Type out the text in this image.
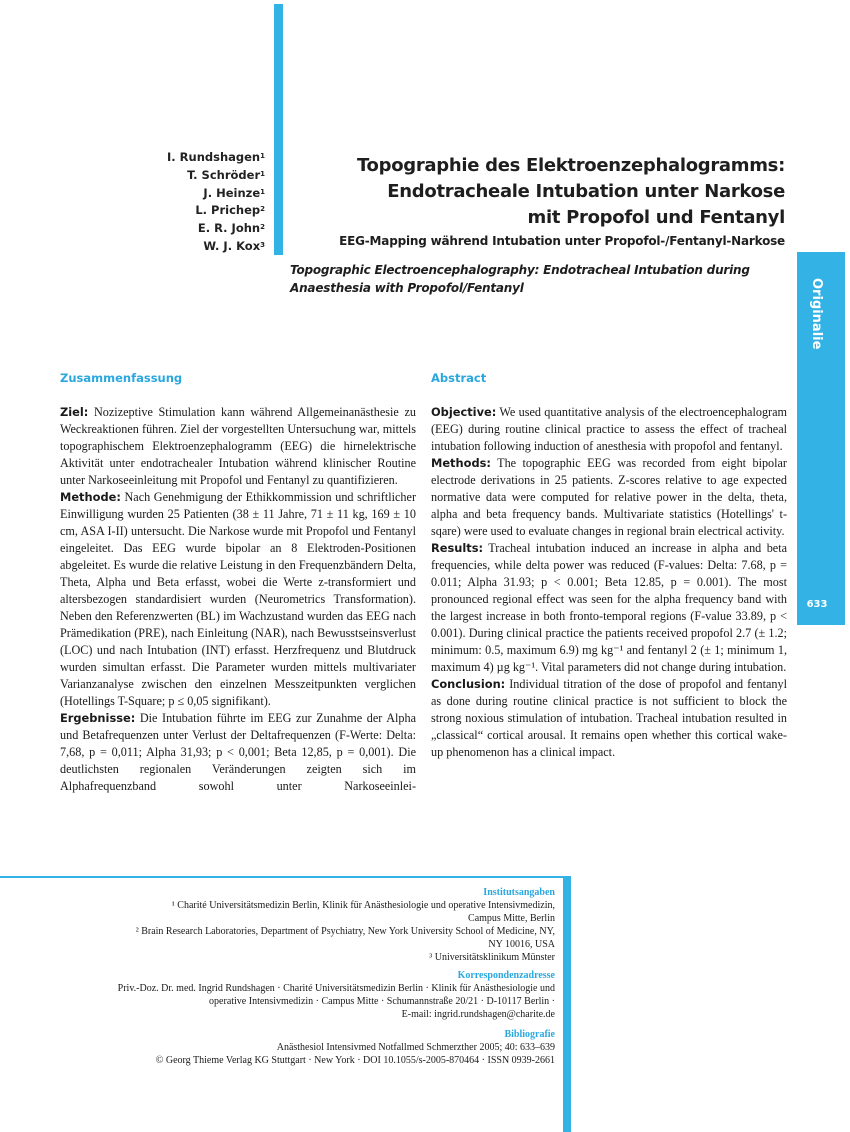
I. Rundshagen$^1$
T. Schröder$^1$
J. Heinze$^1$
L. Prichep$^2$
E. R. John$^2$
W. J. Kox$^3$
Topographie des Elektroenzephalogramms:
Endotracheale Intubation unter Narkose
mit Propofol und Fentanyl
EEG-Mapping während Intubation unter Propofol-/Fentanyl-Narkose
Topographic Electroencephalography: Endotracheal Intubation during Anaesthesia with Propofol/Fentanyl	Originalie
633
Zusammenfassung

Ziel: Nozizeptive Stimulation kann während Allgemeinanästhesie zu Weckreaktionen führen. Ziel der vorgestellten Untersuchung war, mittels topographischem Elektroenzephalogramm (EEG) die hirnelektrische Aktivität unter endotrachealer Intubation während klinischer Routine unter Narkoseeinleitung mit Propofol und Fentanyl zu quantifizieren.

Methode: Nach Genehmigung der Ethikkommission und schriftlicher Einwilligung wurden 25 Patienten (38 ± 11 Jahre, 71 ± 11 kg, 169 ± 10 cm, ASA I-II) untersucht. Die Narkose wurde mit Propofol und Fentanyl eingeleitet. Das EEG wurde bipolar an 8 Elektroden-Positionen abgeleitet. Es wurde die relative Leistung in den Frequenzbändern Delta, Theta, Alpha und Beta erfasst, wobei die Werte z-transformiert und altersbezogen standardisiert wurden (Neurometrics Transformation). Neben den Referenzwerten (BL) im Wachzustand wurden das EEG nach Prämedikation (PRE), nach Einleitung (NAR), nach Bewusstseinsverlust (LOC) und nach Intubation (INT) erfasst. Herzfrequenz und Blutdruck wurden simultan erfasst. Die Parameter wurden mittels multivariater Varianzanalyse zwischen den einzelnen Messzeitpunkten verglichen (Hotellings T-Square; p ≤ 0,05 signifikant).

Ergebnisse: Die Intubation führte im EEG zur Zunahme der Alpha und Betafrequenzen unter Verlust der Deltafrequenzen (F-Werte: Delta: 7,68, p = 0,011; Alpha 31,93; p < 0,001; Beta 12,85, p = 0,001). Die deutlichsten regionalen Veränderungen zeigten sich im Alphafrequenzband sowohl unter Narkoseeinlei-

Abstract

Objective: We used quantitative analysis of the electroencephalogram (EEG) during routine clinical practice to assess the effect of tracheal intubation following induction of anesthesia with propofol and fentanyl.

Methods: The topographic EEG was recorded from eight bipolar electrode derivations in 25 patients. Z-scores relative to age expected normative data were computed for relative power in the delta, theta, alpha and beta frequency bands. Multivariate statistics (Hotellings' t-sqare) were used to evaluate changes in regional brain electrical activity.

Results: Tracheal intubation induced an increase in alpha and beta frequencies, while delta power was reduced (F-values: Delta: 7.68, p = 0.011; Alpha 31.93; p < 0.001; Beta 12.85, p = 0.001). The most pronounced regional effect was seen for the alpha frequency band with the largest increase in both fronto-temporal regions (F-value 33.89, p < 0.001). During clinical practice the patients received propofol 2.7 (± 1.2; minimum: 0.5, maximum 6.9) mg kg⁻¹ and fentanyl 2 (± 1; minimum 1, maximum 4) µg kg⁻¹. Vital parameters did not change during intubation.

Conclusion: Individual titration of the dose of propofol and fentanyl as done during routine clinical practice is not sufficient to block the strong noxious stimulation of intubation. Tracheal intubation resulted in „classical“ cortical arousal. It remains open whether this cortical wake-up phenomenon has a clinical impact.

Institutsangaben
¹ Charité Universitätsmedizin Berlin, Klinik für Anästhesiologie und operative Intensivmedizin,
Campus Mitte, Berlin
² Brain Research Laboratories, Department of Psychiatry, New York University School of Medicine, NY,
NY 10016, USA
³ Universitätsklinikum Münster
Korrespondenzadresse
Priv.-Doz. Dr. med. Ingrid Rundshagen · Charité Universitätsmedizin Berlin · Klinik für Anästhesiologie und
operative Intensivmedizin · Campus Mitte · Schumannstraße 20/21 · D-10117 Berlin ·
E-mail: ingrid.rundshagen@charite.de
Bibliografie
Anästhesiol Intensivmed Notfallmed Schmerzther 2005; 40: 633–639
© Georg Thieme Verlag KG Stuttgart · New York · DOI 10.1055/s-2005-870464 · ISSN 0939-2661
